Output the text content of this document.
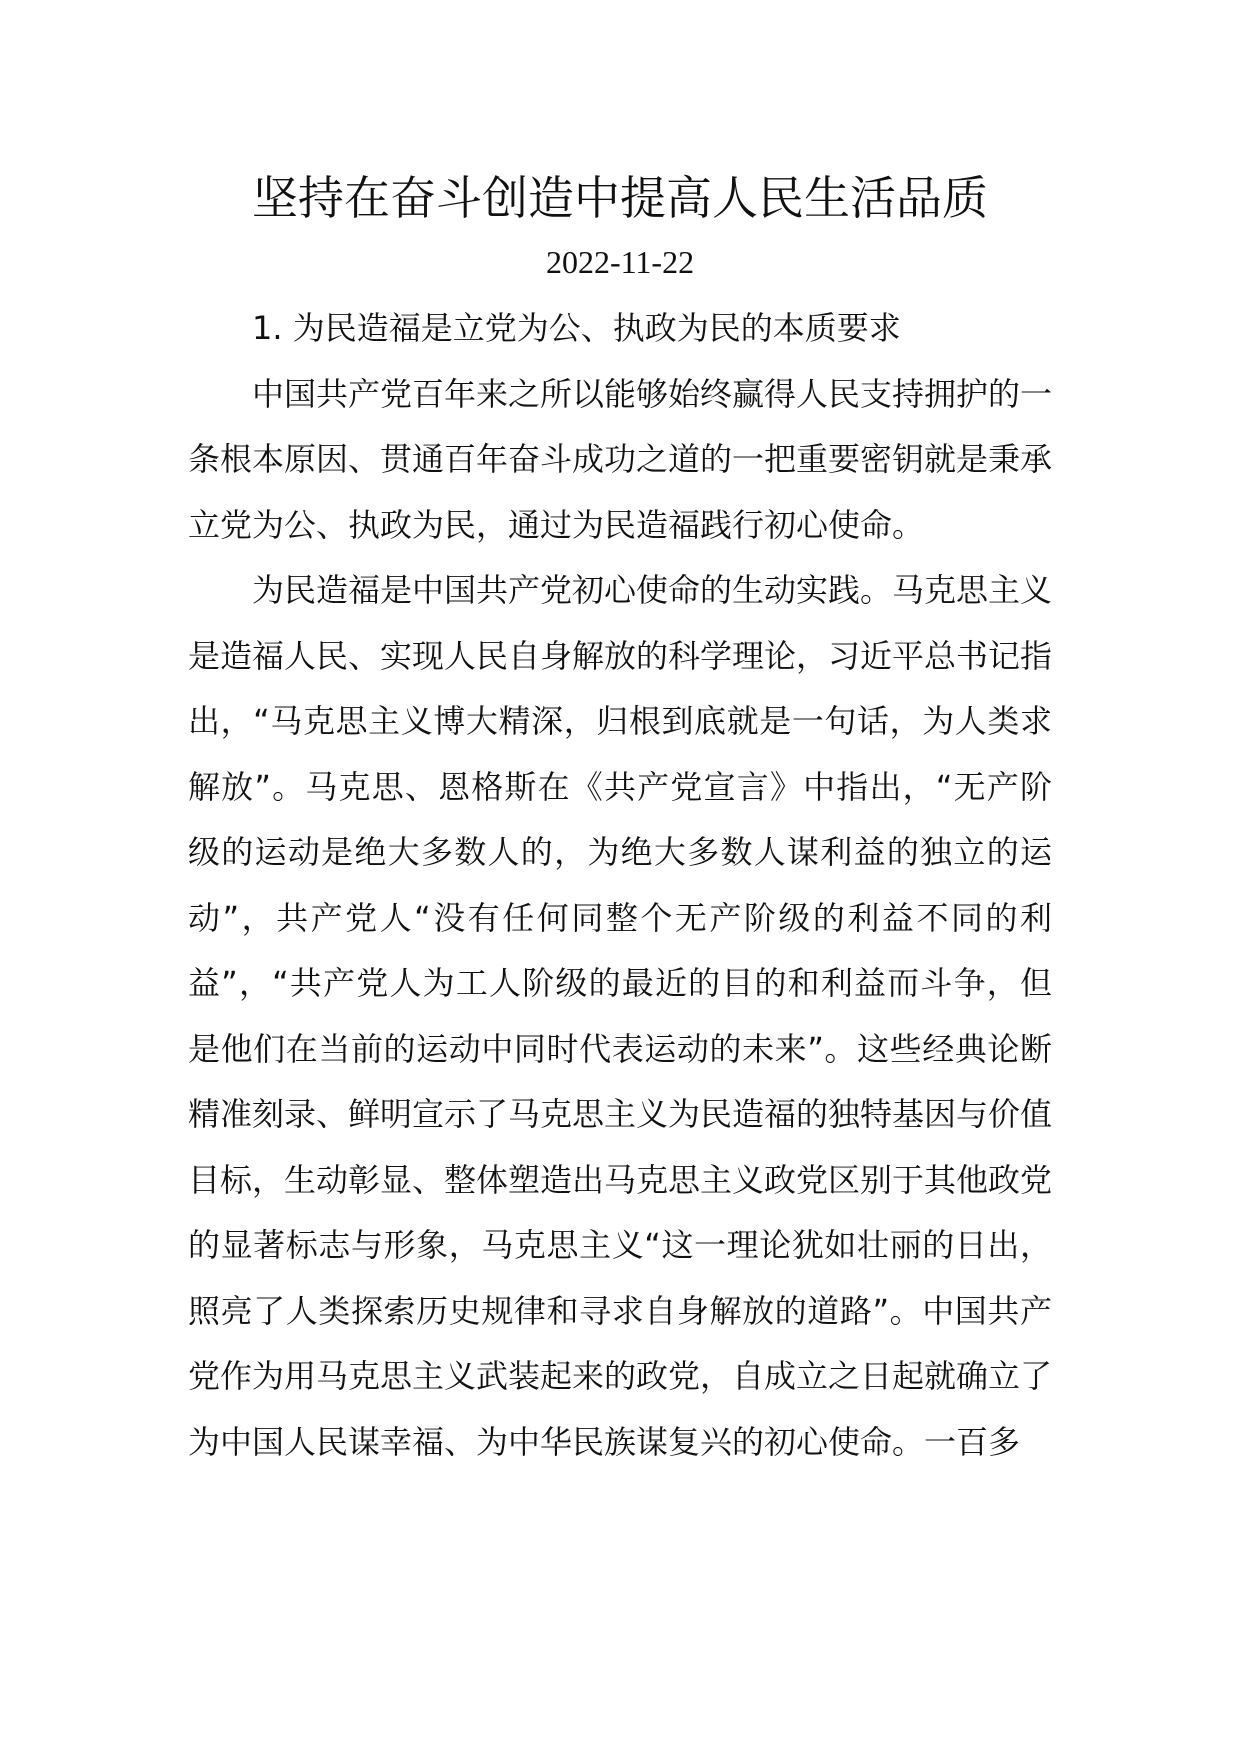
坚持在奋斗创造中提高人民生活品质
2022-11-22

1. 为民造福是立党为公、执政为民的本质要求

中国共产党百年来之所以能够始终赢得人民支持拥护的一条根本原因、贯通百年奋斗成功之道的一把重要密钥就是秉承立党为公、执政为民，通过为民造福践行初心使命。

为民造福是中国共产党初心使命的生动实践。马克思主义是造福人民、实现人民自身解放的科学理论，习近平总书记指出，“马克思主义博大精深，归根到底就是一句话，为人类求解放”。马克思、恩格斯在《共产党宣言》中指出，“无产阶级的运动是绝大多数人的，为绝大多数人谋利益的独立的运动”，共产党人“没有任何同整个无产阶级的利益不同的利益”，“共产党人为工人阶级的最近的目的和利益而斗争，但是他们在当前的运动中同时代表运动的未来”。这些经典论断精准刻录、鲜明宣示了马克思主义为民造福的独特基因与价值目标，生动彰显、整体塑造出马克思主义政党区别于其他政党的显著标志与形象，马克思主义“这一理论犹如壮丽的日出，照亮了人类探索历史规律和寻求自身解放的道路”。中国共产党作为用马克思主义武装起来的政党，自成立之日起就确立了为中国人民谋幸福、为中华民族谋复兴的初心使命。一百多
